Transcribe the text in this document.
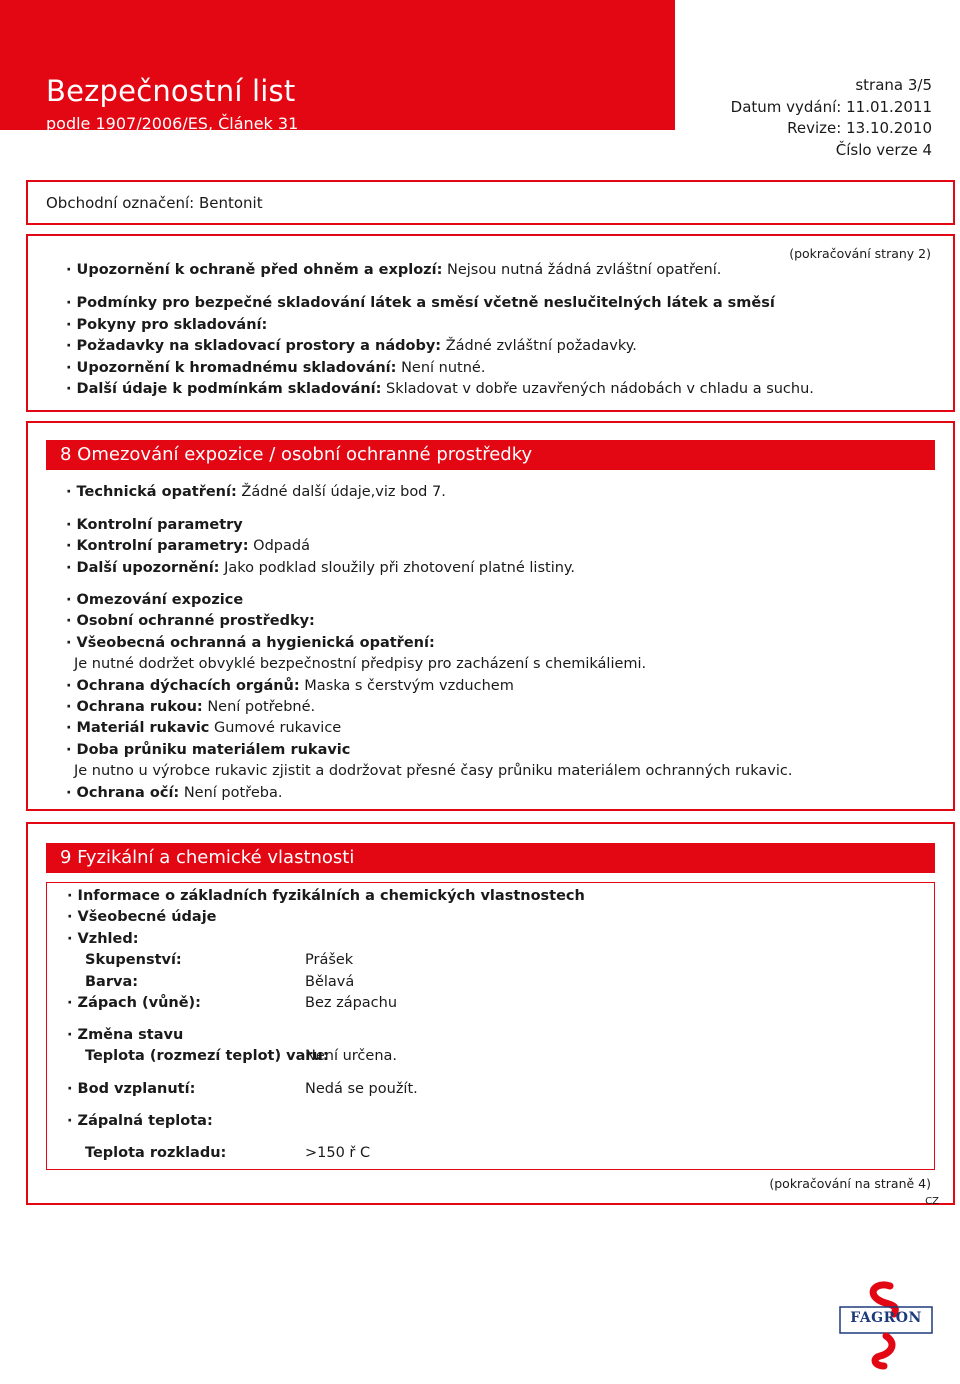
Bezpečnostní list
podle 1907/2006/ES, Článek 31
strana 3/5
Datum vydání: 11.01.2011
Revize: 13.10.2010
Číslo verze 4
Obchodní označení: Bentonit
(pokračování strany 2)
· Upozornění k ochraně před ohněm a explozí: Nejsou nutná žádná zvláštní opatření.
· Podmínky pro bezpečné skladování látek a směsí včetně neslučitelných látek a směsí
· Pokyny pro skladování:
· Požadavky na skladovací prostory a nádoby: Žádné zvláštní požadavky.
· Upozornění k hromadnému skladování: Není nutné.
· Další údaje k podmínkám skladování: Skladovat v dobře uzavřených nádobách v chladu a suchu.
8 Omezování expozice / osobní ochranné prostředky
· Technická opatření: Žádné další údaje,viz bod 7.
· Kontrolní parametry
· Kontrolní parametry: Odpadá
· Další upozornění: Jako podklad sloužily při zhotovení platné listiny.
· Omezování expozice
· Osobní ochranné prostředky:
· Všeobecná ochranná a hygienická opatření:
Je nutné dodržet obvyklé bezpečnostní předpisy pro zacházení s chemikáliemi.
· Ochrana dýchacích orgánů: Maska s čerstvým vzduchem
· Ochrana rukou: Není potřebné.
· Materiál rukavic Gumové rukavice
· Doba průniku materiálem rukavic
Je nutno u výrobce rukavic zjistit a dodržovat přesné časy průniku materiálem ochranných rukavic.
· Ochrana očí: Není potřeba.
9 Fyzikální a chemické vlastnosti
· Informace o základních fyzikálních a chemických vlastnostech
· Všeobecné údaje
· Vzhled:
Skupenství:	Prášek
Barva:	Bělavá
· Zápach (vůně):	Bez zápachu
· Změna stavu
Teplota (rozmezí teplot) varu:
Není určena.
· Bod vzplanutí:	Nedá se použít.
· Zápalná teplota:
Teplota rozkladu:	>150 ř C
(pokračování na straně 4)
CZ
FAGRON
